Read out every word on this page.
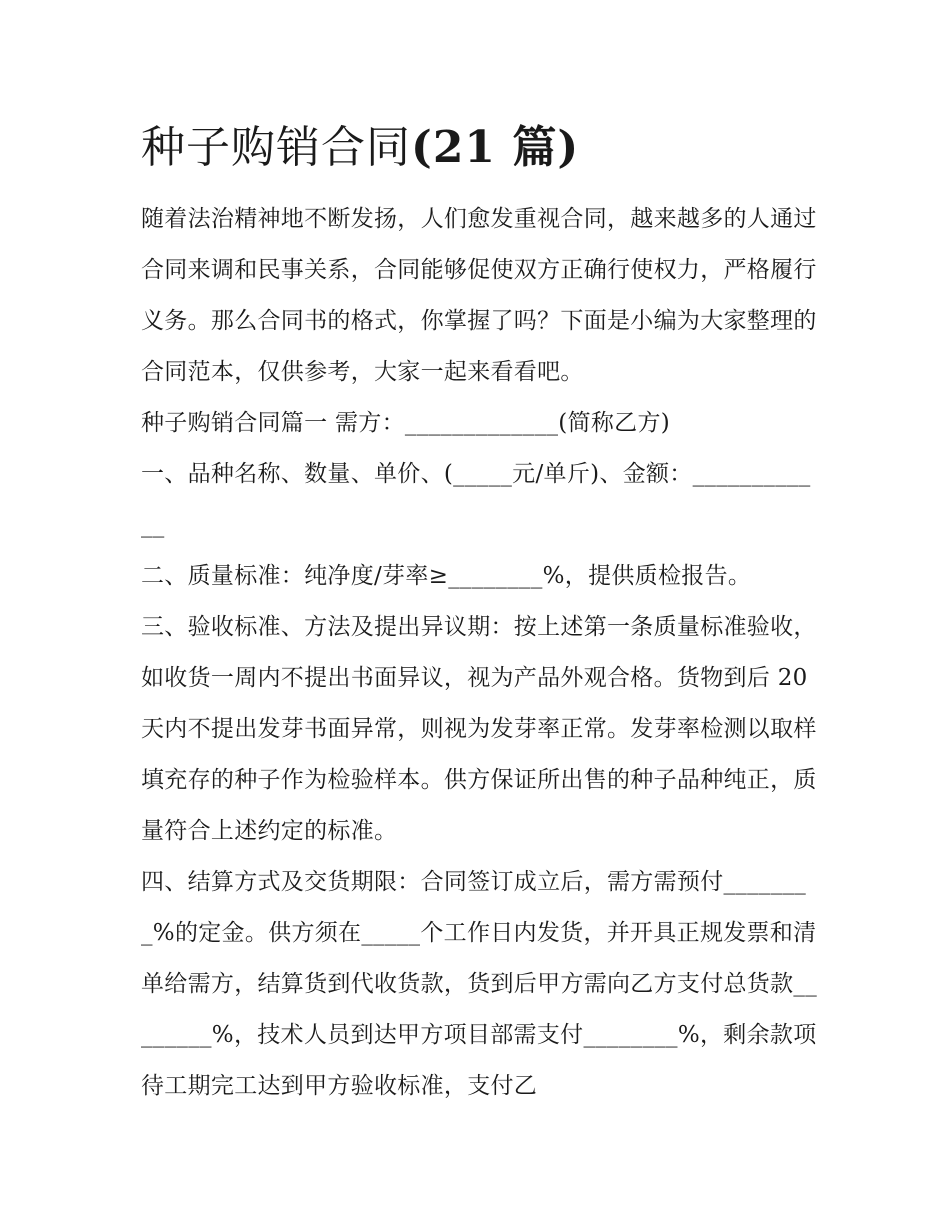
种子购销合同(21 篇)

随着法治精神地不断发扬，人们愈发重视合同，越来越多的人通过合同来调和民事关系，合同能够促使双方正确行使权力，严格履行义务。那么合同书的格式，你掌握了吗？下面是小编为大家整理的合同范本，仅供参考，大家一起来看看吧。

种子购销合同篇一 需方：_____________(简称乙方)

一、品种名称、数量、单价、(_____元/单斤)、金额：____________

二、质量标准：纯净度/芽率≥________%，提供质检报告。

三、验收标准、方法及提出异议期：按上述第一条质量标准验收，如收货一周内不提出书面异议，视为产品外观合格。货物到后 20 天内不提出发芽书面异常，则视为发芽率正常。发芽率检测以取样填充存的种子作为检验样本。供方保证所出售的种子品种纯正，质量符合上述约定的标准。

四、结算方式及交货期限：合同签订成立后，需方需预付________%的定金。供方须在_____个工作日内发货，并开具正规发票和清单给需方，结算货到代收货款，货到后甲方需向乙方支付总货款________%，技术人员到达甲方项目部需支付________%，剩余款项待工期完工达到甲方验收标准，支付乙
